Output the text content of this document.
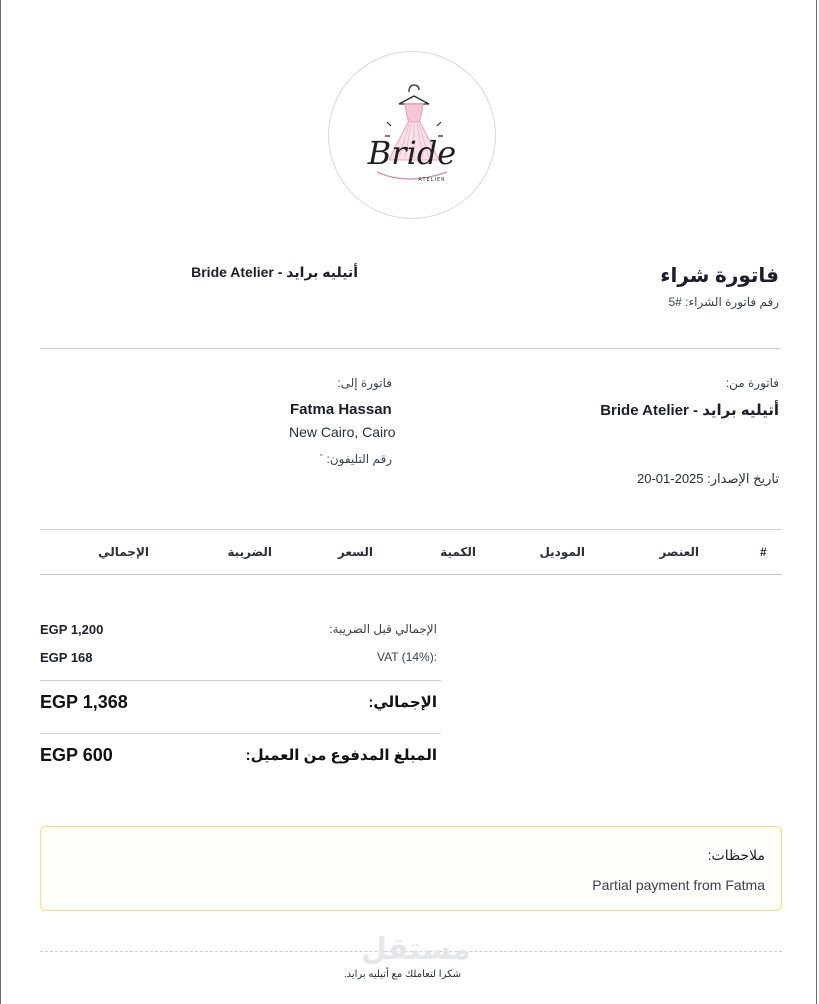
Bride
ATELIER
فاتورة شراء
رقم فاتورة الشراء: #5
أتيليه برايد - Bride Atelier
فاتورة من:
أتيليه برايد - Bride Atelier
تاريخ الإصدار: 2025-01-20
فاتورة إلى:
Fatma Hassan
New Cairo, Cairo
رقم التليفون: `
#
العنصر
الموديل
الكمية
السعر
الضريبة
الإجمالي
الإجمالي قبل الضريبة:
EGP 1,200
VAT (14%):
EGP 168
الإجمالي:
EGP 1,368
المبلغ المدفوع من العميل:
EGP 600
ملاحظات:
Partial payment from Fatma
مستقل
شكرا لتعاملك مع أتيليه برايد.
